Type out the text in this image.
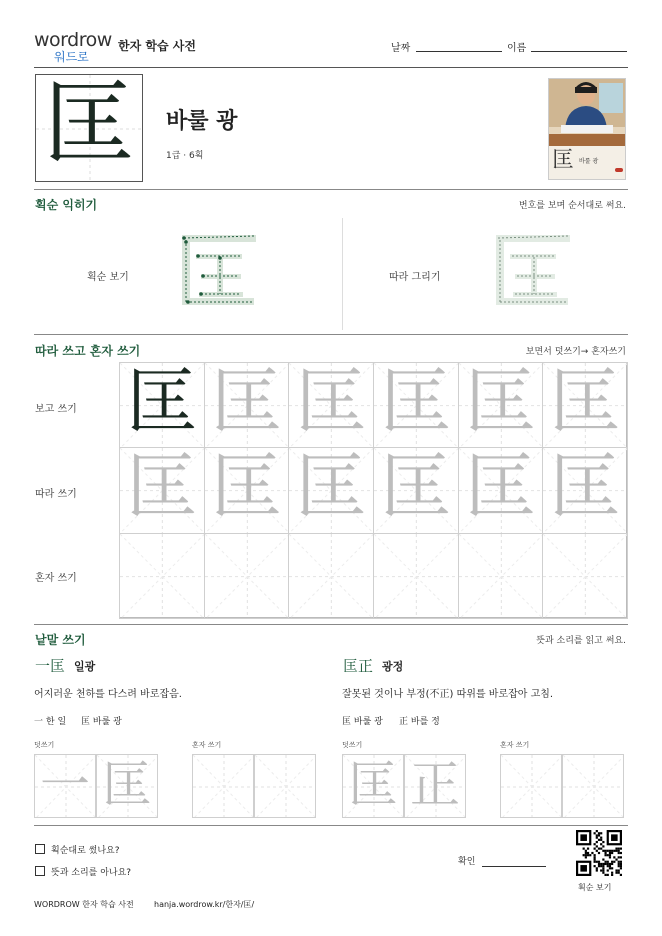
wordrow
워드로
한자 학습 사전	날짜	이름
匡	바룰 광
1급 · 6획	匡 바룰 광
획순 익히기	번호를 보며 순서대로 써요.
획순 보기	따라 그리기
따라 쓰고 혼자 쓰기	보면서 덧쓰기→ 혼자쓰기
보고 쓰기
따라 쓰기
혼자 쓰기
匡 匡 匡 匡 匡 匡
匡 匡 匡 匡 匡 匡
낱말 쓰기	뜻과 소리를 읽고 써요.
一匡 일광
어지러운 천하를 다스려 바로잡음.
一 한 일 匡 바룰 광
덧쓰기	혼자 쓰기
匡正 광정
잘못된 것이나 부정(不正) 따위를 바로잡아 고침.
匡 바룰 광 正 바를 정
덧쓰기	혼자 쓰기
一 匡	匡 正
획순대로 썼나요?
뜻과 소리를 아나요?
확인
획순 보기
WORDROW 한자 학습 사전	hanja.wordrow.kr/한자/匡/
